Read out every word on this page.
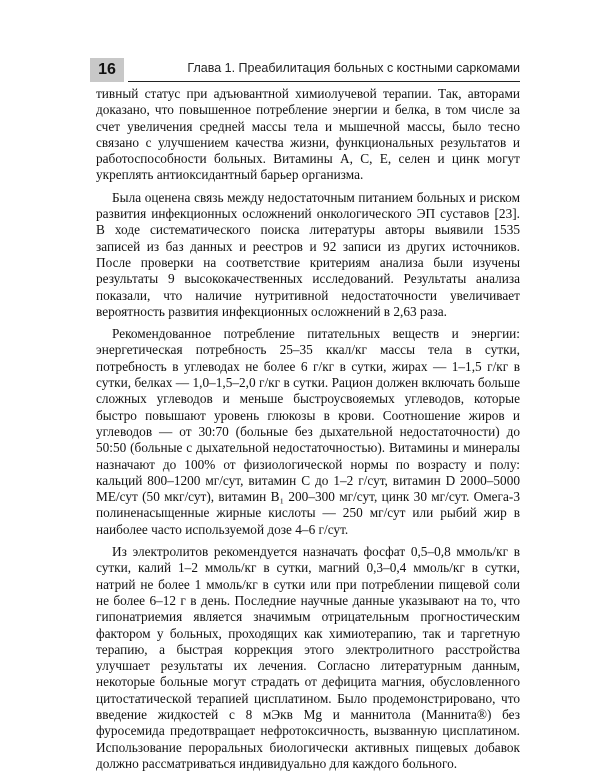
16	Глава 1. Преабилитация больных с костными саркомами

тивный статус при адъювантной химиолучевой терапии. Так, авторами доказано, что повышенное потребление энергии и белка, в том числе за счет увеличения средней массы тела и мышечной массы, было тесно связано с улучшением качества жизни, функциональных результатов и работоспособности больных. Витамины А, С, Е, селен и цинк могут укреплять антиоксидантный барьер организма.

Была оценена связь между недостаточным питанием больных и риском развития инфекционных осложнений онкологического ЭП суставов [23]. В ходе систематического поиска литературы авторы выявили 1535 записей из баз данных и реестров и 92 записи из других источников. После проверки на соответствие критериям анализа были изучены результаты 9 высококачественных исследований. Результаты анализа показали, что наличие нутритивной недостаточности увеличивает вероятность развития инфекционных осложнений в 2,63 раза.

Рекомендованное потребление питательных веществ и энергии: энергетическая потребность 25–35 ккал/кг массы тела в сутки, потребность в углеводах не более 6 г/кг в сутки, жирах — 1–1,5 г/кг в сутки, белках — 1,0–1,5–2,0 г/кг в сутки. Рацион должен включать больше сложных углеводов и меньше быстроусвояемых углеводов, которые быстро повышают уровень глюкозы в крови. Соотношение жиров и углеводов — от 30:70 (больные без дыхательной недостаточности) до 50:50 (больные с дыхательной недостаточностью). Витамины и минералы назначают до 100% от физиологической нормы по возрасту и полу: кальций 800–1200 мг/сут, витамин С до 1–2 г/сут, витамин D 2000–5000 МЕ/сут (50 мкг/сут), витамин B₁ 200–300 мг/сут, цинк 30 мг/сут. Омега-3 полиненасыщенные жирные кислоты — 250 мг/сут или рыбий жир в наиболее часто используемой дозе 4–6 г/сут.

Из электролитов рекомендуется назначать фосфат 0,5–0,8 ммоль/кг в сутки, калий 1–2 ммоль/кг в сутки, магний 0,3–0,4 ммоль/кг в сутки, натрий не более 1 ммоль/кг в сутки или при потреблении пищевой соли не более 6–12 г в день. Последние научные данные указывают на то, что гипонатриемия является значимым отрицательным прогностическим фактором у больных, проходящих как химиотерапию, так и таргетную терапию, а быстрая коррекция этого электролитного расстройства улучшает результаты их лечения. Согласно литературным данным, некоторые больные могут страдать от дефицита магния, обусловленного цитостатической терапией цисплатином. Было продемонстрировано, что введение жидкостей с 8 мЭкв Mg и маннитола (Маннита®) без фуросемида предотвращает нефротоксичность, вызванную цисплатином. Использование пероральных биологически активных пищевых добавок должно рассматриваться индивидуально для каждого больного.
